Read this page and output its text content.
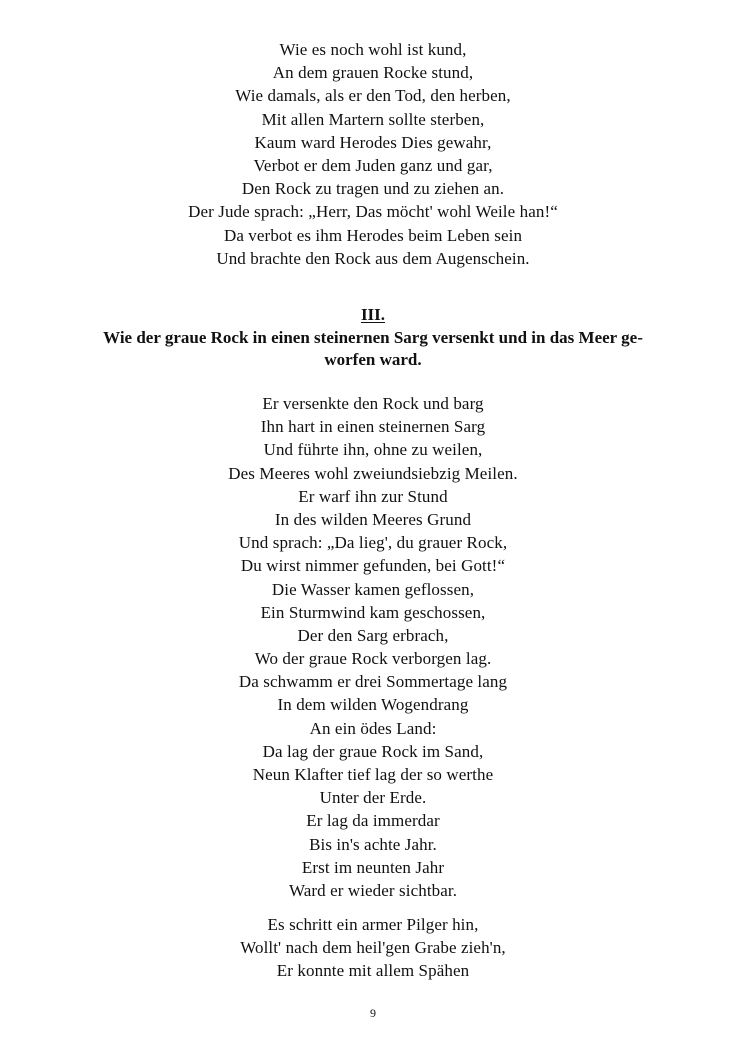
Wie es noch wohl ist kund,
An dem grauen Rocke stund,
Wie damals, als er den Tod, den herben,
Mit allen Martern sollte sterben,
Kaum ward Herodes Dies gewahr,
Verbot er dem Juden ganz und gar,
Den Rock zu tragen und zu ziehen an.
Der Jude sprach: „Herr, Das möcht' wohl Weile han!“
Da verbot es ihm Herodes beim Leben sein
Und brachte den Rock aus dem Augenschein.
III.
Wie der graue Rock in einen steinernen Sarg versenkt und in das Meer ge-
worfen ward.
Er versenkte den Rock und barg
Ihn hart in einen steinernen Sarg
Und führte ihn, ohne zu weilen,
Des Meeres wohl zweiundsiebzig Meilen.
Er warf ihn zur Stund
In des wilden Meeres Grund
Und sprach: „Da lieg', du grauer Rock,
Du wirst nimmer gefunden, bei Gott!“
Die Wasser kamen geflossen,
Ein Sturmwind kam geschossen,
Der den Sarg erbrach,
Wo der graue Rock verborgen lag.
Da schwamm er drei Sommertage lang
In dem wilden Wogendrang
An ein ödes Land:
Da lag der graue Rock im Sand,
Neun Klafter tief lag der so werthe
Unter der Erde.
Er lag da immerdar
Bis in's achte Jahr.
Erst im neunten Jahr
Ward er wieder sichtbar.
Es schritt ein armer Pilger hin,
Wollt' nach dem heil'gen Grabe zieh'n,
Er konnte mit allem Spähen
9
